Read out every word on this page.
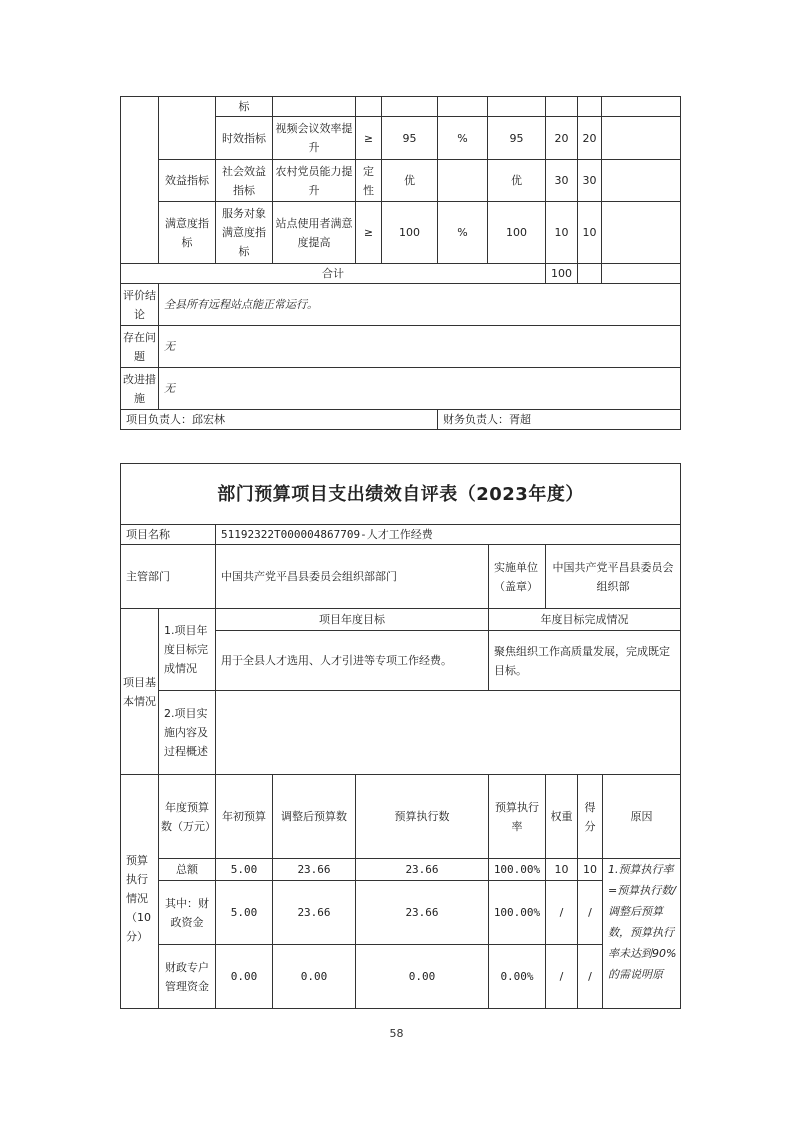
		标								
		时效指标	视频会议效率提升	≥	95	%	95	20	20	
	效益指标	社会效益指标	农村党员能力提升	定性	优		优	30	30	
	满意度指标	服务对象满意度指标	站点使用者满意度提高	≥	100	%	100	10	10	
合计								100		
评价结论	全县所有远程站点能正常运行。									
存在问题	无									
改进措施	无									
项目负责人：邱宏林						财务负责人：胥超				
部门预算项目支出绩效自评表（2023年度）								
项目名称		51192322T000004867709-人才工作经费						
主管部门		中国共产党平昌县委员会组织部部门			实施单位（盖章）	中国共产党平昌县委员会组织部		
项目基本情况	1.项目年度目标完成情况	项目年度目标			年度目标完成情况			
		用于全县人才选用、人才引进等专项工作经费。			聚焦组织工作高质量发展，完成既定目标。			
	2.项目实施内容及过程概述							
预算执行情况（10分）	年度预算数（万元）	年初预算	调整后预算数	预算执行数	预算执行率	权重	得分	原因
	总额	5.00	23.66	23.66	100.00%	10	10	1.预算执行率=预算执行数/调整后预算数，预算执行率未达到90%的需说明原
	其中：财政资金	5.00	23.66	23.66	100.00%	/	/	
	财政专户管理资金	0.00	0.00	0.00	0.00%	/	/	
58
